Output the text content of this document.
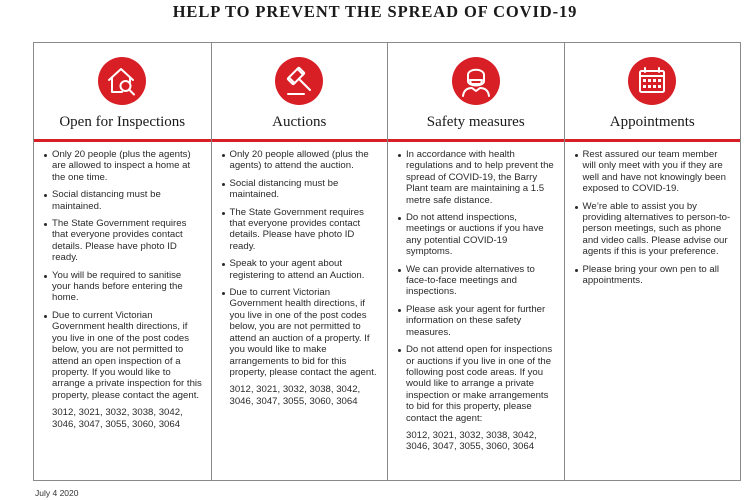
HELP TO PREVENT THE SPREAD OF COVID-19
Open for Inspections
Only 20 people (plus the agents) are allowed to inspect a home at the one time.
Social distancing must be maintained.
The State Government requires that everyone provides contact details. Please have photo ID ready.
You will be required to sanitise your hands before entering the home.
Due to current Victorian Government health directions, if you live in one of the post codes below, you are not permitted to attend an open inspection of a property. If you would like to arrange a private inspection for this property, please contact the agent.
3012, 3021, 3032, 3038, 3042, 3046, 3047, 3055, 3060, 3064
Auctions
Only 20 people allowed (plus the agents) to attend the auction.
Social distancing must be maintained.
The State Government requires that everyone provides contact details. Please have photo ID ready.
Speak to your agent about registering to attend an Auction.
Due to current Victorian Government health directions, if you live in one of the post codes below, you are not permitted to attend an auction of a property. If you would like to make arrangements to bid for this property, please contact the agent.
3012, 3021, 3032, 3038, 3042, 3046, 3047, 3055, 3060, 3064
Safety measures
In accordance with health regulations and to help prevent the spread of COVID-19, the Barry Plant team are maintaining a 1.5 metre safe distance.
Do not attend inspections, meetings or auctions if you have any potential COVID-19 symptoms.
We can provide alternatives to face-to-face meetings and inspections.
Please ask your agent for further information on these safety measures.
Do not attend open for inspections or auctions if you live in one of the following post code areas. If you would like to arrange a private inspection or make arrangements to bid for this property, please contact the agent:
3012, 3021, 3032, 3038, 3042, 3046, 3047, 3055, 3060, 3064
Appointments
Rest assured our team member will only meet with you if they are well and have not knowingly been exposed to COVID-19.
We’re able to assist you by providing alternatives to person-to-person meetings, such as phone and video calls. Please advise our agents if this is your preference.
Please bring your own pen to all appointments.
July 4 2020
